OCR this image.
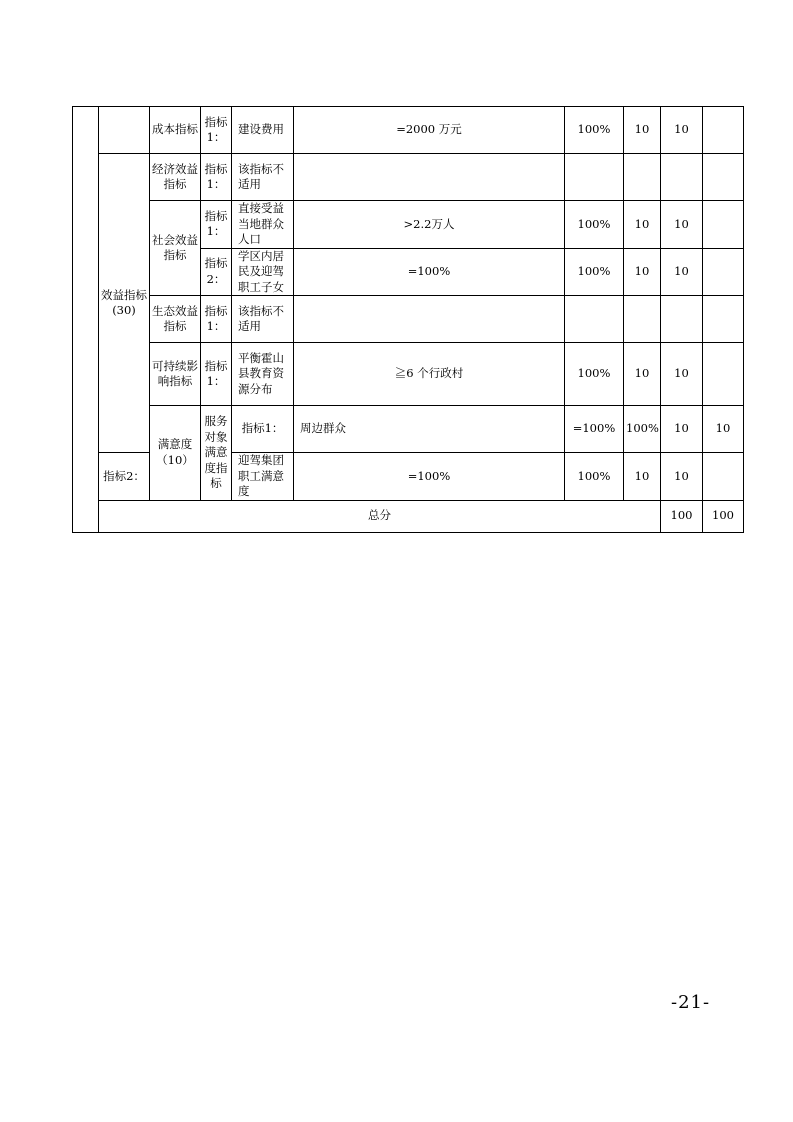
		成本指标	指标1：	建设费用	=2000 万元	100%	10	10		
	效益指标(30)	经济效益指标	指标1：	该指标不适用						
		社会效益指标	指标1：	直接受益当地群众人口	>2.2万人	100%	10	10		
			指标2：	学区内居民及迎驾职工子女	=100%	100%	10	10		
		生态效益指标	指标1：	该指标不适用						
		可持续影响指标	指标1：	平衡霍山县教育资源分布	≧6 个行政村	100%	10	10		
		满意度（10）	服务对象满意度指标	指标1：	周边群众	=100%	100%	10	10	
	指标2：			迎驾集团职工满意度	=100%	100%	10	10		
	总分							100	100	
-21-
